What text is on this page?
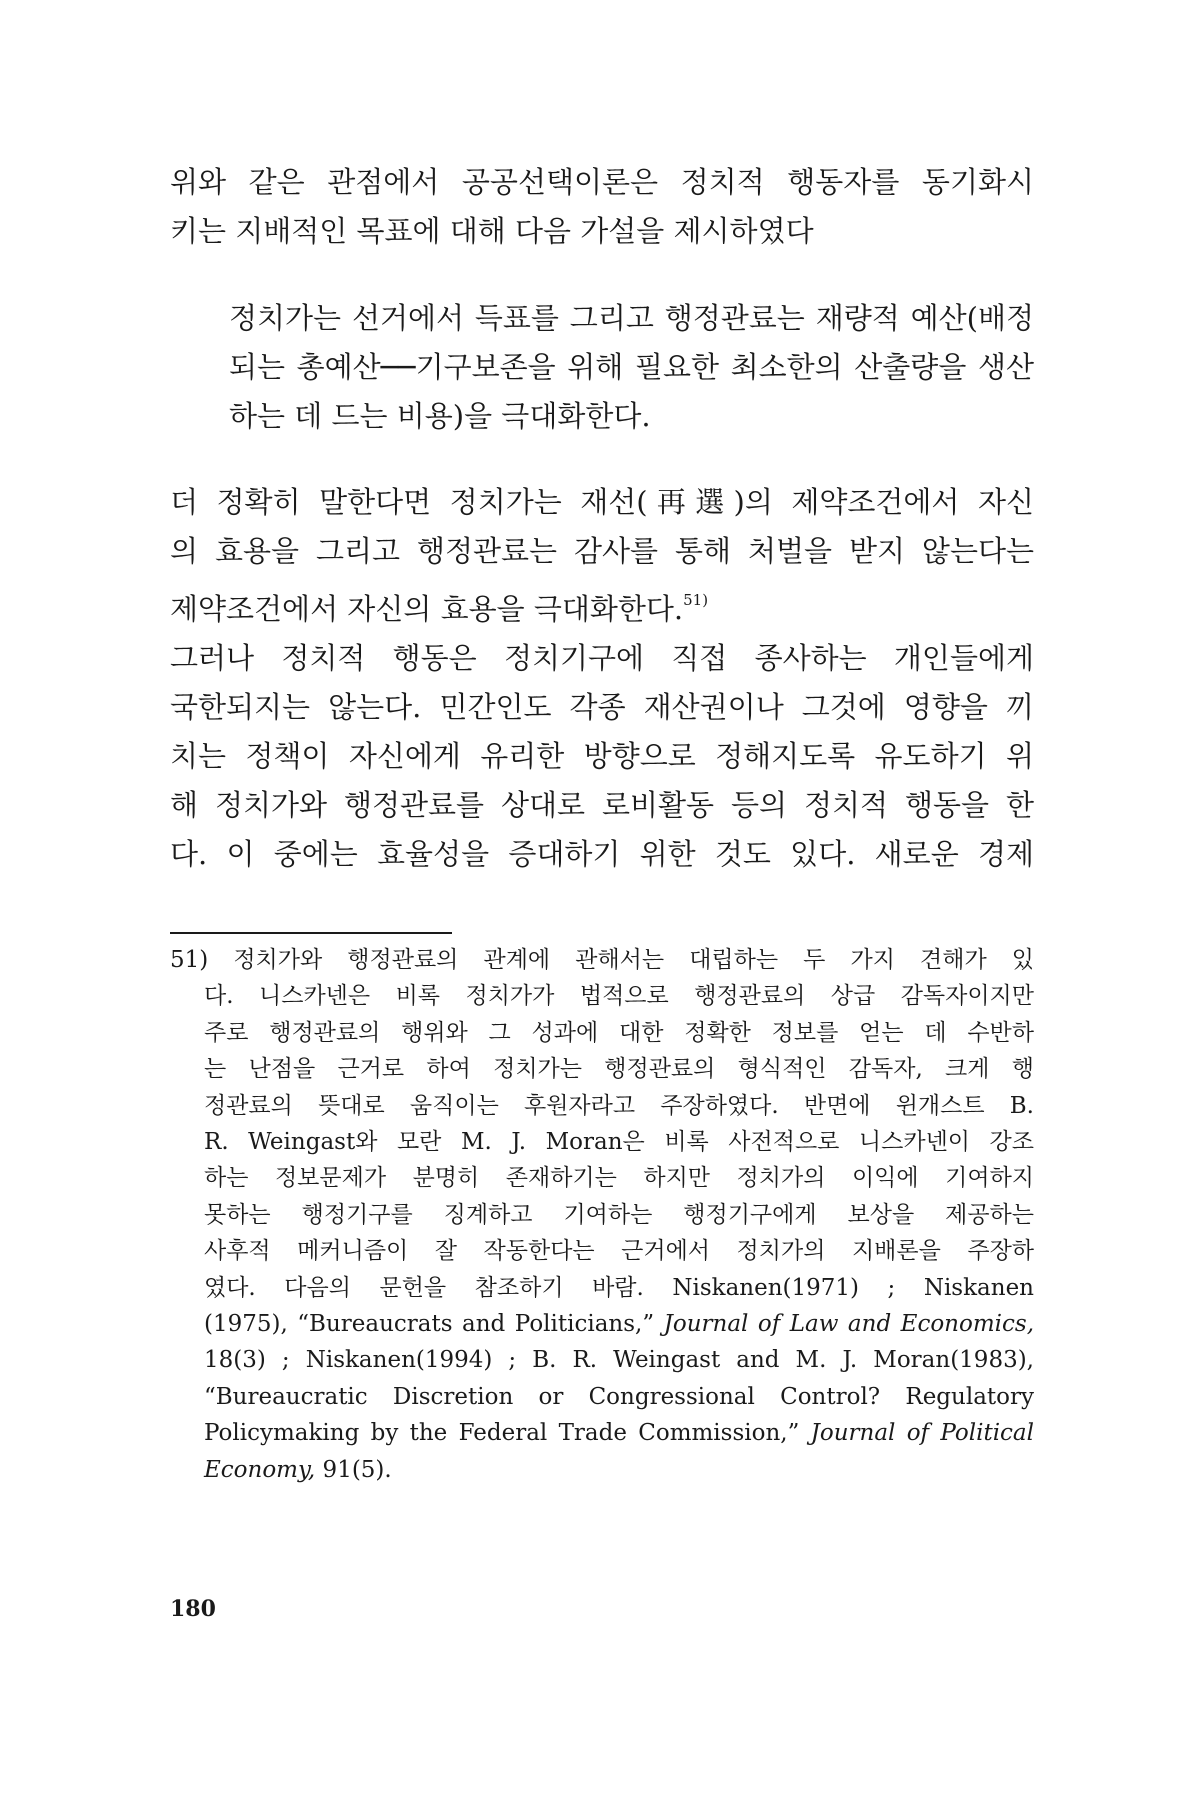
위와 같은 관점에서 공공선택이론은 정치적 행동자를 동기화시
키는 지배적인 목표에 대해 다음 가설을 제시하였다
정치가는 선거에서 득표를 그리고 행정관료는 재량적 예산(배정
되는 총예산──기구보존을 위해 필요한 최소한의 산출량을 생산
하는 데 드는 비용)을 극대화한다.
더 정확히 말한다면 정치가는 재선(再選)의 제약조건에서 자신
의 효용을 그리고 행정관료는 감사를 통해 처벌을 받지 않는다는
제약조건에서 자신의 효용을 극대화한다.$^{51)}$
그러나 정치적 행동은 정치기구에 직접 종사하는 개인들에게
국한되지는 않는다. 민간인도 각종 재산권이나 그것에 영향을 끼
치는 정책이 자신에게 유리한 방향으로 정해지도록 유도하기 위
해 정치가와 행정관료를 상대로 로비활동 등의 정치적 행동을 한
다. 이 중에는 효율성을 증대하기 위한 것도 있다. 새로운 경제
51) 정치가와 행정관료의 관계에 관해서는 대립하는 두 가지 견해가 있
다. 니스카넨은 비록 정치가가 법적으로 행정관료의 상급 감독자이지만
주로 행정관료의 행위와 그 성과에 대한 정확한 정보를 얻는 데 수반하
는 난점을 근거로 하여 정치가는 행정관료의 형식적인 감독자, 크게 행
정관료의 뜻대로 움직이는 후원자라고 주장하였다. 반면에 윈개스트 B.
R. Weingast와 모란 M. J. Moran은 비록 사전적으로 니스카넨이 강조
하는 정보문제가 분명히 존재하기는 하지만 정치가의 이익에 기여하지
못하는 행정기구를 징계하고 기여하는 행정기구에게 보상을 제공하는
사후적 메커니즘이 잘 작동한다는 근거에서 정치가의 지배론을 주장하
였다. 다음의 문헌을 참조하기 바람. Niskanen(1971) ; Niskanen
(1975), “Bureaucrats and Politicians,” Journal of Law and Economics,
18(3) ; Niskanen(1994) ; B. R. Weingast and M. J. Moran(1983),
“Bureaucratic Discretion or Congressional Control? Regulatory
Policymaking by the Federal Trade Commission,” Journal of Political
Economy, 91(5).
180
